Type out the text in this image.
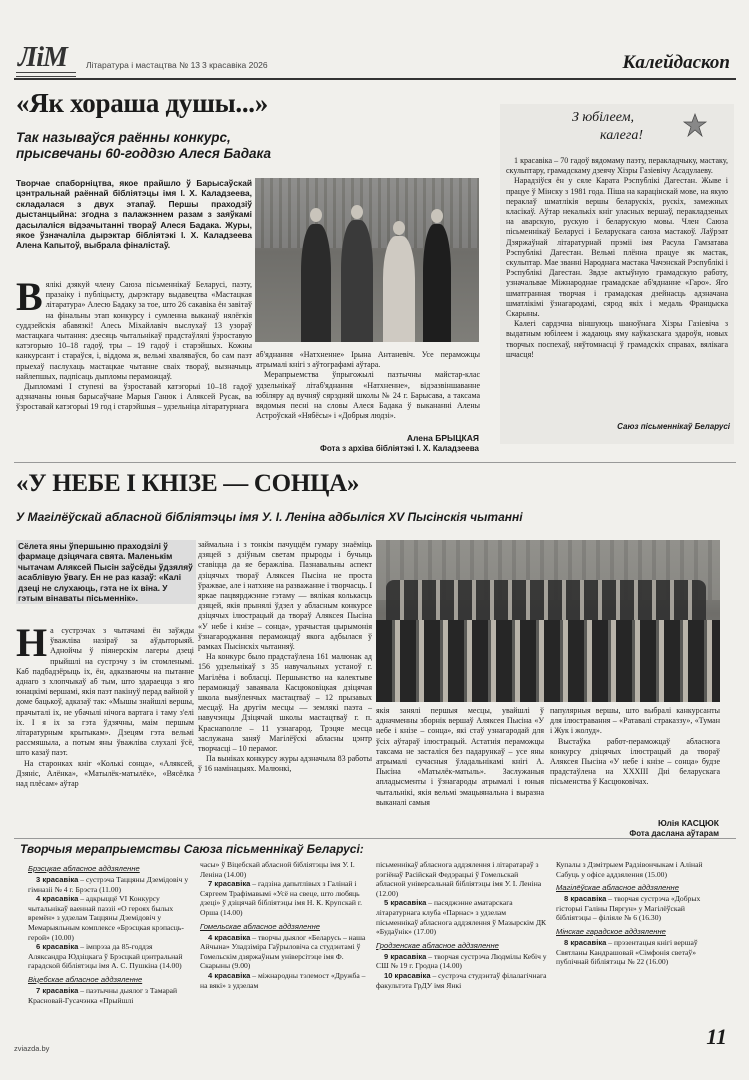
ЛіМ Літаратура і мастацтва № 13 3 красавіка 2026	Калейдаскоп
«Як хораша душы...»
Так называўся раённы конкурс, прысвечаны 60-годдзю Алеся Бадака
Творчае спаборніцтва, якое прайшло ў Барысаўскай цэнтральнай раённай бібліятэцы імя І. Х. Каладзеева, складалася з двух этапаў. Першы праходзіў дыстанцыйна: згодна з палажэннем разам з заяўкамі дасылаліся відэачытанні твораў Алеся Бадака. Журы, якое ўзначаліла дырэктар бібліятэкі І. Х. Каладзеева Алена Капытоў, выбрала фіналістаў.
В ялікі дзякуй члену Саюза пісьменнікаў Беларусі, паэту, празаіку і публіцысту, дырэктару выдавецтва «Мастацкая літаратура» Алесю Бадаку за тое, што 26 сакавіка ён завітаў на фінальны этап конкурсу і сумленна выканаў нялёгкія суддзейскія абавязкі! Алесь Міхайлавіч выслухаў 13 узораў мастацкага чытання: дзесяць чытальнікаў прадстаўлялі ўзроставую катэгорыю 10–18 гадоў, тры – 19 гадоў і старэйшых. Кожны канкурсант і стараўся, і, віддома ж, вельмі хваляваўся, бо сам паэт прыехаў паслухаць мастацкае чытанне сваіх твораў, вызначыць найлепшых, падпісаць дыпломы пераможцаў.

Дыпломамі І ступені ва ўзроставай катэгорыі 10–18 гадоў адзначаны юныя барысаўчане Марыя Ганюк і Аляксей Русак, ва ўзроставай катэгорыі 19 год і старэйшыя – удзельніца літаратурнага

аб'яднання «Натхненне» Ірына Антаневіч. Усе пераможцы атрымалі кнігі з аўтографамі аўтара.

Мерапрыемства ўпрыгожылі пазтычны майстар-клас удзельнікаў літаб'яднання «Натхненне», відэазвіншаванне юбіляру ад вучняў сярэдняй школы № 24 г. Барысава, а таксама вядомыя песні на словы Алеся Бадака ў выкананні Алены Астроўскай «Нябёсы» і «Добрыя людзі».

Алена БРЫЦКАЯ
Фота з архіва бібліятэкі І. Х. Каладзеева
З юбілеем,
калега!

1 красавіка – 70 гадоў вядомаму паэту, перакладчыку, мастаку, скульптару, грамадскаму дзеячу Хізры Газіевічу Асадулаеву.

Нарадзіўся ён у сяле Карата Рэспублікі Дагестан. Жыве і працуе ў Мінску з 1981 года. Піша на карацінскай мове, на якую пераклаў шматлікія вершы беларускіх, рускіх, замежных класікаў. Аўтар некалькіх кніг уласных вершаў, перакладзеных на аварскую, рускую і беларускую мовы. Член Саюза пісьменнікаў Беларусі і Беларускага саюза мастакоў. Лаўрэат Дзяржаўнай літаратурнай прэміі імя Расула Гамзатава Рэспублікі Дагестан. Вельмі плённа працуе як мастак, скульптар. Мае званні Народнага мастака Чачэнскай Рэспублікі і Рэспублікі Дагестан. Звдзе актыўную грамадскую работу, узначальвае Міжнароднае грамадскае аб'яднанне «Гаро». Яго шматгранная творчая і грамадская дзейнасць адзначана шматлікімі ўзнагародамі, сярод якіх і медаль Францыска Скарыны.

Калегі сардэчна віншуюць шаноўнага Хізры Газіевіча з выдатным юбілеем і жадаюць яму каўказскага здароўя, новых творчых поспехаў, няўтомнасці ў грамадскіх справах, вялікага шчасця!

Саюз пісьменнікаў Беларусі
«У НЕБЕ І КНІЗЕ — СОНЦА»
У Магілёўскай абласной бібліятэцы імя У. І. Леніна адбыліся XV Пысінскія чытанні
Сёлета яны ўпершыню праходзілі ў фармаце дзіцячага свята. Маленькім чытачам Аляксей Пысін заўсёды ўдзяляў асаблівую ўвагу. Ён не раз казаў: «Калі дзеці не слухаюць, гэта не іх віна. У гэтым вінаваты пісьменнік».
Н а сустрэчах з чытачамі ён заўжды ўважліва назіраў за аўдыторыяй. Аднойчы ў піянерскім лагеры дзеці прыйшлі на сустрэчу з ім стомленымі. Каб падбадзёрыць іх, ён, адказваючы на пытанне аднаго з хлопчыкаў аб тым, што здараецца з яго юнацкімі вершамі, якія паэт пакінуў перад вайной у доме бацькоў, адказаў так: «Мышы знайшлі вершы, прачыталі іх, не убачылі нічога вартага і таму з'елі іх. І я іх за гэта ўдзячны, маім першым літаратурным крытыкам». Дзецям гэта вельмі рассмяшыла, а потым яны ўважліва слухалі ўсё, што казаў паэт.

На старонках кніг «Колькі сонца», «Аляксей, Дзяніс, Алёнка», «Матылёк-матылёк», «Вясёлка над плёсам» аўтар

займальна і з тонкім пачуццём гумару знаёміць дзяцей з дзіўным светам прыроды і бучыць ставіцца да яе беражліва. Пазнавальны аспект дзіцячых твораў Аляксея Пысіна не проста ўражвае, але і натхняе на разважанне і творчасць. І яркае пацвярджэнне гэтаму — вялікая колькасць дзяцей, якія прынялі ўдзел у абласным конкурсе дзіцячых ілюстрацый да твораў Аляксея Пысіна «У небе і кнізе – сонца», урачыстая цырымонія ўзнагароджання пераможцаў якога адбылася ў рамках Пысінскіх чытанняў.

На конкурс было прадстаўлена 161 малюнак ад 156 удзельнікаў з 35 навучальных устаноў г. Магілёва і вобласці. Першынство на калектыве пераможцаў заваявала Касцюковіцкая дзіцячая школа выяўленчых мастацтваў – 12 прызавых месцаў. На другім месцы — землякі паэта – навучэнцы Дзіцячай школы мастацтваў г. п. Краснаполле – 11 узнагарод. Трэцяе месца заслужана заняў Магілёўскі абласны цэнтр творчасці – 10 перамог.

Па выніках конкурсу журы адзначыла 83 работы ў 16 намінацыях. Малюнкі,

якія занялі першыя месцы, увайшлі ў адначменны зборнік вершаў Аляксея Пысіна «У небе і кнізе – сонца», які стаў узнагародай для ўсіх аўтараў ілюстрацый. Астатнія пераможцы таксама не засталіся без падарункаў – усе яны атрымалі сучасныя ўладальнікамі кнігі А. Пысіна «Матылёк-матыль». Заслужаныя апладысменты і ўзнагароды атрымалі і юныя чытальнікі, якія вельмі эмацыянальна і выразна выканалі самыя

папулярныя вершы, што выбралі канкурсанты для ілюстравання – «Ратавалі страказзу», «Туман і Жук і жолуд».

Выстаўка работ-пераможцаў абласнога конкурсу дзіцячых ілюстрацый да твораў Аляксея Пысіна «У небе і кнізе – сонца» будзе прадстаўлена на ХХХІІІ Дні беларускага пісьменства ў Касцюковічах.

Юлія КАСЦЮК
Фота даслана аўтарам
Творчыя мерапрыемствы Саюза пісьменнікаў Беларусі:
Брэсцкае абласное аддзяленне
3 красавіка – сустрэча Таццяны Дземідовіч у гімназіі № 4 г. Брэста (11.00)
4 красавіка – адкрыццё VI Конкурсу чытальнікаў ваеннай паэзіі «О героях былых времён» з удзелам Таццяны Дземідовіч у Мемарыяльным комплексе «Брэсцкая крэпасць-герой» (10.00)
6 красавіка – імпрэза да 85-годдзя Аляксандра Юдзіцкага ў Брэсцкай цэнтральнай гарадской бібліятэцы імя А. С. Пушкіна (14.00)
Віцебскае абласное аддзяленне
7 красавіка – паэтычны дыялог з Тамарай Красновай-Гусачэнка «Прыйшлі
часы» ў Віцебскай абласной бібліятэцы імя У. І. Леніна (14.00)
7 красавіка – гадзіна дапытлівых з Галінай і Сяргеем Трафімавымі «Усё на свеце, што любяць дзеці» ў дзіцячай бібліятэцы імя Н. К. Крупскай г. Орша (14.00)
Гомельскае абласное аддзяленне
4 красавіка – творчы дыялог «Беларусь – наша Айчына» Уладзіміра Гаўрыловіча са студэнтамі ў Гомельскім дзяржаўным універсітэце імя Ф. Скарыны (9.00)
4 красавіка – міжнародны тэлемост «Дружба – на вякі» з удзелам
пісьменнікаў абласнога аддзялення і літаратараў з рэгіёнаў Расійскай Федэрацыі ў Гомельскай абласной універсальнай бібліятэцы імя У. І. Леніна (12.00)
5 красавіка – пасяджэнне аматарскага літаратурнага клуба «Парнас» з удзелам пісьменнікаў абласнога аддзялення ў Мазырскім ДК «Будаўнік» (17.00)
Гродзенскае абласное аддзяленне
9 красавіка – творчая сустрэча Людмілы Кебіч у СШ № 19 г. Гродна (14.00)
10 красавіка – сустрэча студэнтаў філалагічнага факультэта ГрДУ імя Янкі
Купалы з Дзмітрыем Радзівончыкам і Алінай Сабуць у офісе аддзялення (15.00)
Магілёўскае абласное аддзяленне
8 красавіка – творчая сустрэча «Добрых гісторыі Галіны Пяргун» у Магілёўскай бібліятэцы – філіяле № 6 (16.30)
Мінскае гарадское аддзяленне
8 красавіка – прэзентацыя кнігі вершаў Святланы Кандрашовай «Сімфонія светаў» публічнай бібліятэцы № 22 (16.00)
zviazda.by	11
